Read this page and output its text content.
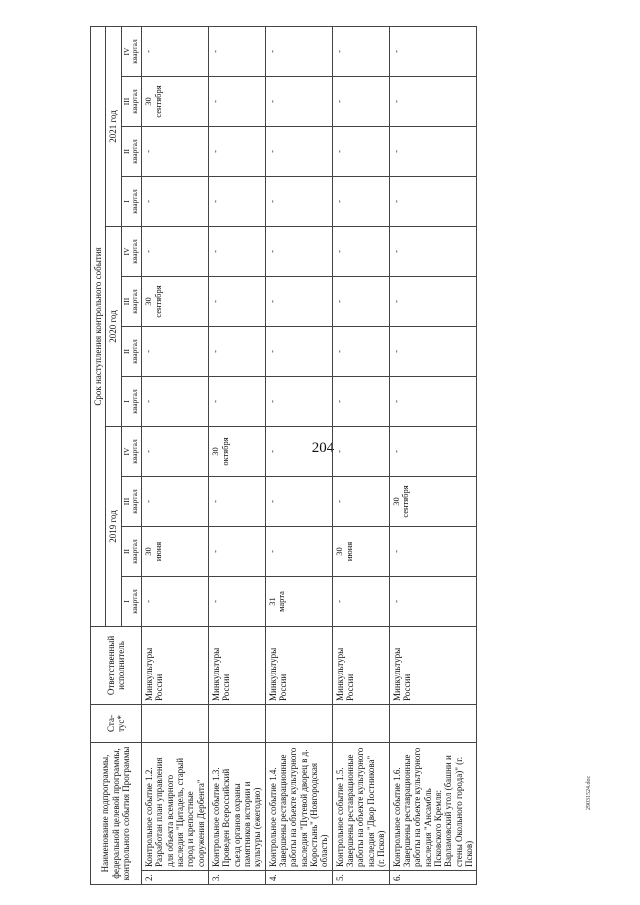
204
29031524.doc
Наименование подпрограммы, федеральной целевой программы, контрольного события Программы		Ста-тус*	Ответственный исполнитель	Срок наступления контрольного события											
				2019 год				2020 год				2021 год			
				I
квартал	II
квартал	III
квартал	IV
квартал	I
квартал	II
квартал	III
квартал	IV
квартал	I
квартал	II
квартал	III
квартал	IV
квартал
2.	Контрольное событие 1.2. Разработан план управления для объекта всемирного наследия "Цитадель, старый город и крепостные сооружения Дербента"		Минкультуры России	-	30
июня	-	-	-	-	30
сентября	-	-	-	30
сентября	-
3.	Контрольное событие 1.3. Проведен Всероссийский съезд органов охраны памятников истории и культуры (ежегодно)		Минкультуры России	-	-	-	30
октября	-	-	-	-	-	-	-	-
4.	Контрольное событие 1.4. Завершены реставрационные работы на объекте культурного наследия "Путевой дворец в д. Коростынь" (Новгородская область)		Минкультуры России	31
марта	-	-	-	-	-	-	-	-	-	-	-
5.	Контрольное событие 1.5. Завершены реставрационные работы на объекте культурного наследия "Двор Постникова" (г. Псков)		Минкультуры России	-	30
июня	-	-	-	-	-	-	-	-	-	-
6.	Контрольное событие 1.6. Завершены реставрационные работы на объекте культурного наследия "Ансамбль Псковского Кремля: Варламовский угол (башни и стены Окольного города)" (г. Псков)		Минкультуры России	-	-	30
сентября	-	-	-	-	-	-	-	-	-
